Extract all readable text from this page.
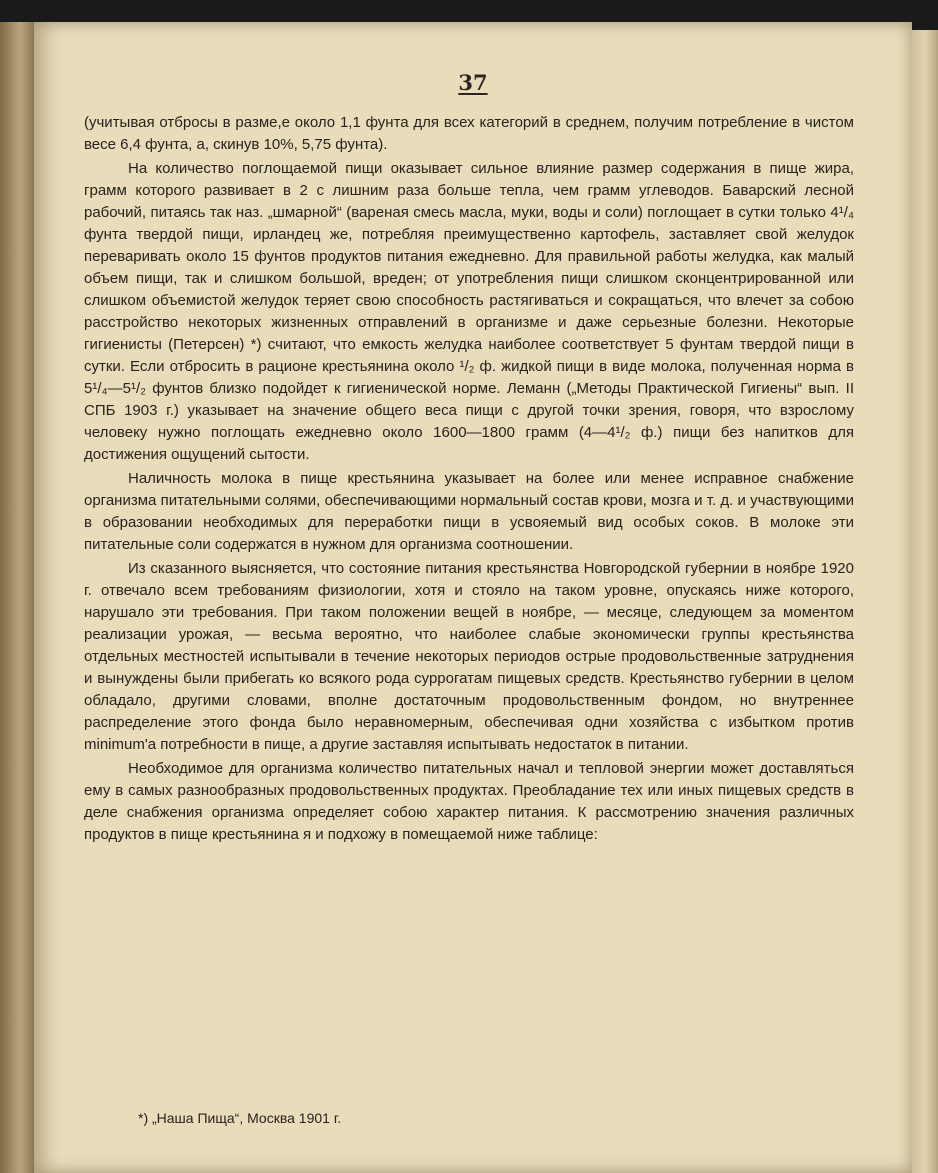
37

(учитывая отбросы в разме,е около 1,1 фунта для всех категорий в среднем, получим потребление в чистом весе 6,4 фунта, а, скинув 10%, 5,75 фунта).

На количество поглощаемой пищи оказывает сильное влияние размер содержания в пище жира, грамм которого развивает в 2 с лишним раза больше тепла, чем грамм углеводов. Баварский лесной рабочий, питаясь так наз. „шмарной“ (вареная смесь масла, муки, воды и соли) поглощает в сутки только 4¹/₄ фунта твердой пищи, ирландец же, потребляя преимущественно картофель, заставляет свой желудок переваривать около 15 фунтов продуктов питания ежедневно. Для правильной работы желудка, как малый объем пищи, так и слишком большой, вреден; от употребления пищи слишком сконцентрированной или слишком объемистой желудок теряет свою способность растягиваться и сокращаться, что влечет за собою расстройство некоторых жизненных отправлений в организме и даже серьезные болезни. Некоторые гигиенисты (Петерсен) *) считают, что емкость желудка наиболее соответствует 5 фунтам твердой пищи в сутки. Если отбросить в рационе крестьянина около ¹/₂ ф. жидкой пищи в виде молока, полученная норма в 5¹/₄—5¹/₂ фунтов близко подойдет к гигиенической норме. Леманн („Методы Практической Гигиены“ вып. II СПБ 1903 г.) указывает на значение общего веса пищи с другой точки зрения, говоря, что взрослому человеку нужно поглощать ежедневно около 1600—1800 грамм (4—4¹/₂ ф.) пищи без напитков для достижения ощущений сытости.

Наличность молока в пище крестьянина указывает на более или менее исправное снабжение организма питательными солями, обеспечивающими нормальный состав крови, мозга и т. д. и участвующими в образовании необходимых для переработки пищи в усвояемый вид особых соков. В молоке эти питательные соли содержатся в нужном для организма соотношении.

Из сказанного выясняется, что состояние питания крестьянства Новгородской губернии в ноябре 1920 г. отвечало всем требованиям физиологии, хотя и стояло на таком уровне, опускаясь ниже которого, нарушало эти требования. При таком положении вещей в ноябре, — месяце, следующем за моментом реализации урожая, — весьма вероятно, что наиболее слабые экономически группы крестьянства отдельных местностей испытывали в течение некоторых периодов острые продовольственные затруднения и вынуждены были прибегать ко всякого рода суррогатам пищевых средств. Крестьянство губернии в целом обладало, другими словами, вполне достаточным продовольственным фондом, но внутреннее распределение этого фонда было неравномерным, обеспечивая одни хозяйства с избытком против minimum'a потребности в пище, а другие заставляя испытывать недостаток в питании.

Необходимое для организма количество питательных начал и тепловой энергии может доставляться ему в самых разнообразных продовольственных продуктах. Преобладание тех или иных пищевых средств в деле снабжения организма определяет собою характер питания. К рассмотрению значения различных продуктов в пище крестьянина я и подхожу в помещаемой ниже таблице:

*) „Наша Пища“, Москва 1901 г.
